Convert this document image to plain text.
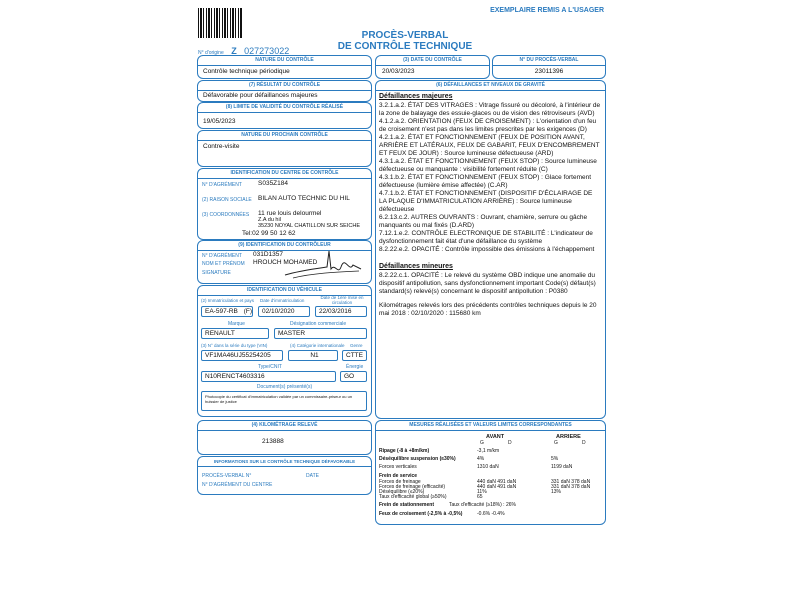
EXEMPLAIRE REMIS A L'USAGER
N° d'origine Z 027273022
PROCÈS-VERBAL
DE CONTRÔLE TECHNIQUE
NATURE DU CONTRÔLE
Contrôle technique périodique
(3) DATE DU CONTRÔLE
20/03/2023
N° DU PROCÈS-VERBAL
23011396
(7) RÉSULTAT DU CONTRÔLE
Défavorable pour défaillances majeures
(8) LIMITE DE VALIDITÉ DU CONTRÔLE RÉALISÉ
19/05/2023
NATURE DU PROCHAIN CONTRÔLE
Contre-visite
IDENTIFICATION DU CENTRE DE CONTRÔLE
N° D'AGRÉMENT S035Z184
(2) RAISON SOCIALE BILAN AUTO TECHNIC DU HIL
(3) COORDONNÉES 11 rue louis delourmel
Z.A du hil
35230 NOYAL CHATILLON SUR SEICHE
Tel:02 99 50 12 62
(9) IDENTIFICATION DU CONTRÔLEUR
N° D'AGRÉMENT 031D1357
NOM ET PRÉNOM HROUCH MOHAMED
SIGNATURE
IDENTIFICATION DU VÉHICULE
(2) Immatriculation et pays Date d'immatriculation
Date de 1ère mise en circulation
EA-597-RB (F)	02/10/2020	22/03/2016
Marque	Désignation commerciale
RENAULT	MASTER
(3) N° dans la série du type (VIN)	(4) Catégorie internationale Genre
VF1MA46UJ55254205	N1	CTTE
Type/CNIT	Énergie
N10RENCT4603316	GO
Document(s) présenté(s)
Photocopie du certificat d'immatriculation validée par un commissaire-priseur ou un huissier de justice
(4) KILOMÉTRAGE RELEVÉ
213888
INFORMATIONS SUR LE CONTRÔLE TECHNIQUE DÉFAVORABLE
PROCÈS-VERBAL N°	DATE
N° D'AGRÉMENT DU CENTRE
(6) DÉFAILLANCES ET NIVEAUX DE GRAVITÉ
Défaillances majeures
3.2.1.a.2. ÉTAT DES VITRAGES : Vitrage fissuré ou décoloré, à l'intérieur de la zone de balayage des essuie-glaces ou de vision des rétroviseurs (AVD)
4.1.2.a.2. ORIENTATION (FEUX DE CROISEMENT) : L'orientation d'un feu de croisement n'est pas dans les limites prescrites par les exigences (D)
4.2.1.a.2. ÉTAT ET FONCTIONNEMENT (FEUX DE POSITION AVANT, ARRIÈRE ET LATÉRAUX, FEUX DE GABARIT, FEUX D'ENCOMBREMENT ET FEUX DE JOUR) : Source lumineuse défectueuse (ARD)
4.3.1.a.2. ÉTAT ET FONCTIONNEMENT (FEUX STOP) : Source lumineuse défectueuse ou manquante : visibilité fortement réduite (C)
4.3.1.b.2. ÉTAT ET FONCTIONNEMENT (FEUX STOP) : Glace fortement défectueuse (lumière émise affectée) (C.AR)
4.7.1.b.2. ÉTAT ET FONCTIONNEMENT (DISPOSITIF D'ÉCLAIRAGE DE LA PLAQUE D'IMMATRICULATION ARRIÈRE) : Source lumineuse défectueuse
6.2.13.c.2. AUTRES OUVRANTS : Ouvrant, charnière, serrure ou gâche manquants ou mal fixés (D.ARD)
7.12.1.e.2. CONTRÔLE ELECTRONIQUE DE STABILITÉ : L'indicateur de dysfonctionnement fait état d'une défaillance du système
8.2.22.e.2. OPACITÉ : Contrôle impossible des émissions à l'échappement
Défaillances mineures
8.2.22.c.1. OPACITÉ : Le relevé du système OBD indique une anomalie du dispositif antipollution, sans dysfonctionnement important Code(s) défaut(s) standard(s) relevé(s) concernant le dispositif antipollution : P0380
Kilométrages relevés lors des précédents contrôles techniques depuis le 20 mai 2018 : 02/10/2020 : 115680 km
MESURES RÉALISÉES ET VALEURS LIMITES CORRESPONDANTES
AVANT	ARRIERE
G	D	G	D
Ripage (-8 à +8m/km)	-3,1 m/km
Déséquilibre suspension (≤30%)	4%	5%
Forces verticales	1310 daN	1199 daN
Frein de service
Forces de freinage	440 daN 491 daN	331 daN 378 daN
Forces de freinage (efficacité)	440 daN 491 daN	331 daN 378 daN
Déséquilibre (≤20%)	11%	13%
Taux d'efficacité global (≥50%)	65
Frein de stationnement	Taux d'efficacité (≥18%) : 26%
Feux de croisement (-2,5% à -0,5%)	-0.6% -0.4%
